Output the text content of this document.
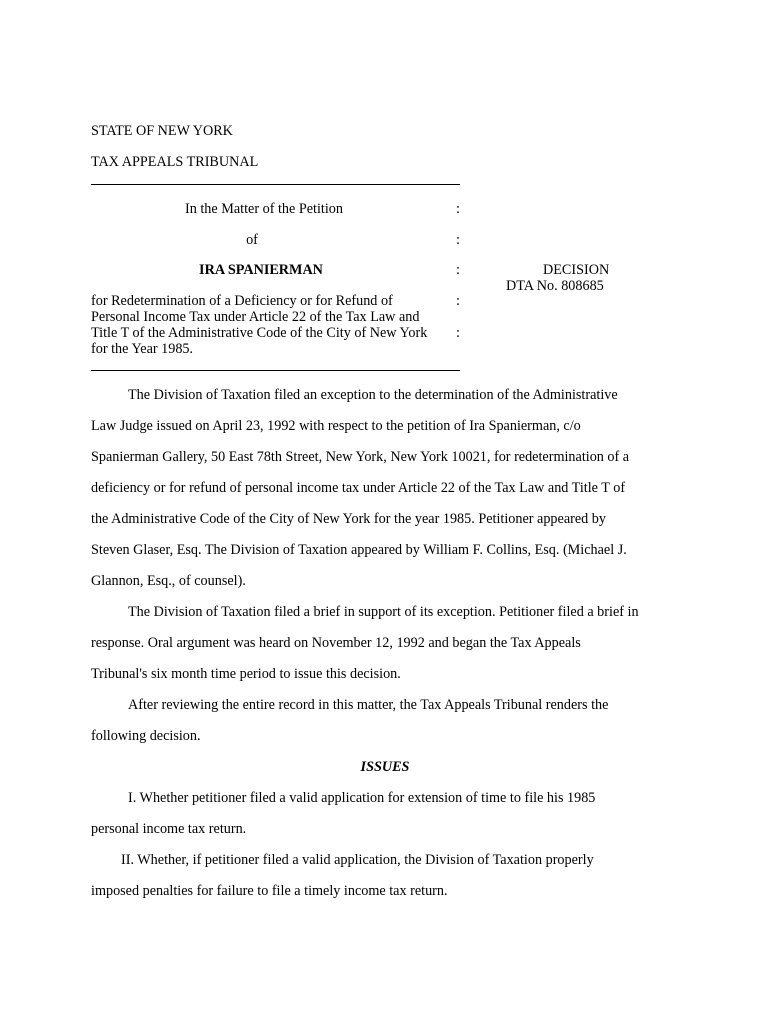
STATE OF NEW YORK
TAX APPEALS TRIBUNAL
In the Matter of the Petition	:
of	:
IRA SPANIERMAN	:
for Redetermination of a Deficiency or for Refund of	:
Personal Income Tax under Article 22 of the Tax Law and
Title T of the Administrative Code of the City of New York :
for the Year 1985.
DECISION
DTA No. 808685
The Division of Taxation filed an exception to the determination of the Administrative
Law Judge issued on April 23, 1992 with respect to the petition of Ira Spanierman, c/o
Spanierman Gallery, 50 East 78th Street, New York, New York 10021, for redetermination of a
deficiency or for refund of personal income tax under Article 22 of the Tax Law and Title T of
the Administrative Code of the City of New York for the year 1985. Petitioner appeared by
Steven Glaser, Esq. The Division of Taxation appeared by William F. Collins, Esq. (Michael J.
Glannon, Esq., of counsel).
The Division of Taxation filed a brief in support of its exception. Petitioner filed a brief in
response. Oral argument was heard on November 12, 1992 and began the Tax Appeals
Tribunal's six month time period to issue this decision.
After reviewing the entire record in this matter, the Tax Appeals Tribunal renders the
following decision.
ISSUES
I. Whether petitioner filed a valid application for extension of time to file his 1985
personal income tax return.
II. Whether, if petitioner filed a valid application, the Division of Taxation properly
imposed penalties for failure to file a timely income tax return.
